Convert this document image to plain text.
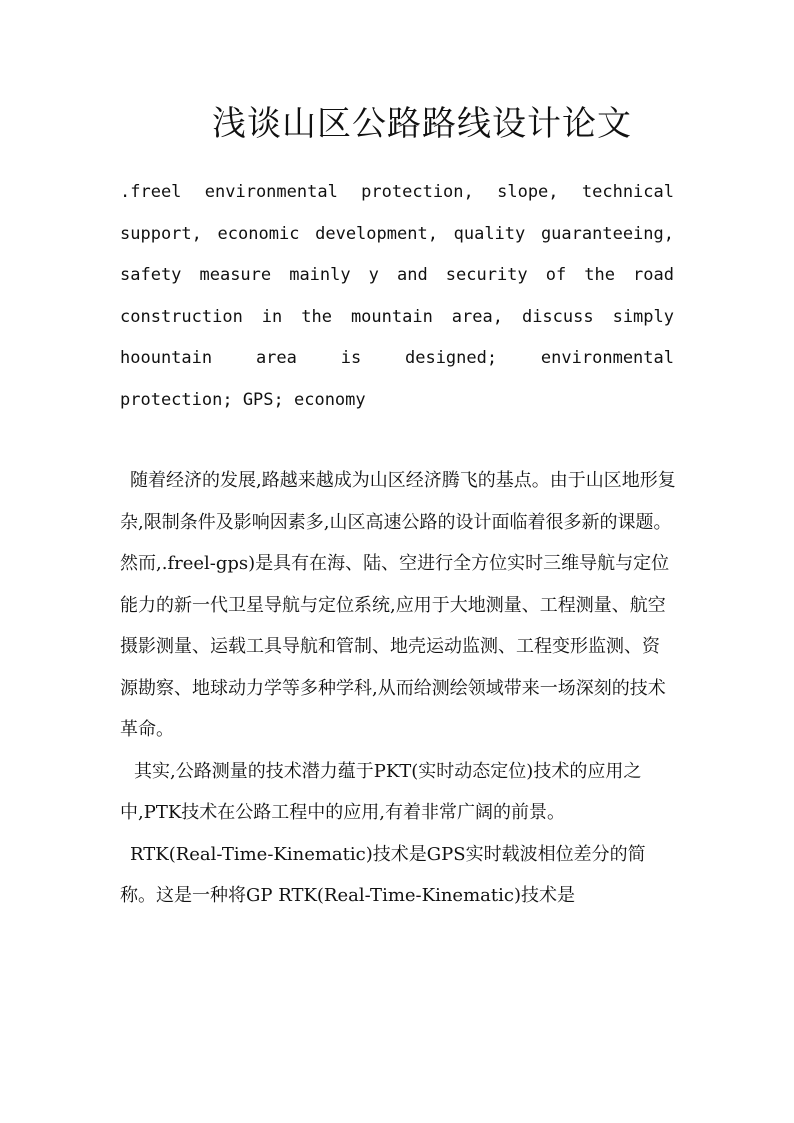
浅谈山区公路路线设计论文
.freel environmental protection, slope, technical
support, economic development, quality guaranteeing,
safety measure mainly y and security of the road
construction in the mountain area, discuss simply
hoountain area is designed; environmental
protection; GPS; economy

随着经济的发展,路越来越成为山区经济腾飞的基点。由于山区地形复杂,限制条件及影响因素多,山区高速公路的设计面临着很多新的课题。然而,.freel-gps)是具有在海、陆、空进行全方位实时三维导航与定位能力的新一代卫星导航与定位系统,应用于大地测量、工程测量、航空摄影测量、运载工具导航和管制、地壳运动监测、工程变形监测、资源勘察、地球动力学等多种学科,从而给测绘领域带来一场深刻的技术革命。

其实,公路测量的技术潜力蕴于PKT(实时动态定位)技术的应用之中,PTK技术在公路工程中的应用,有着非常广阔的前景。

RTK(Real-Time-Kinematic)技术是GPS实时载波相位差分的简称。这是一种将GP RTK(Real-Time-Kinematic)技术是
